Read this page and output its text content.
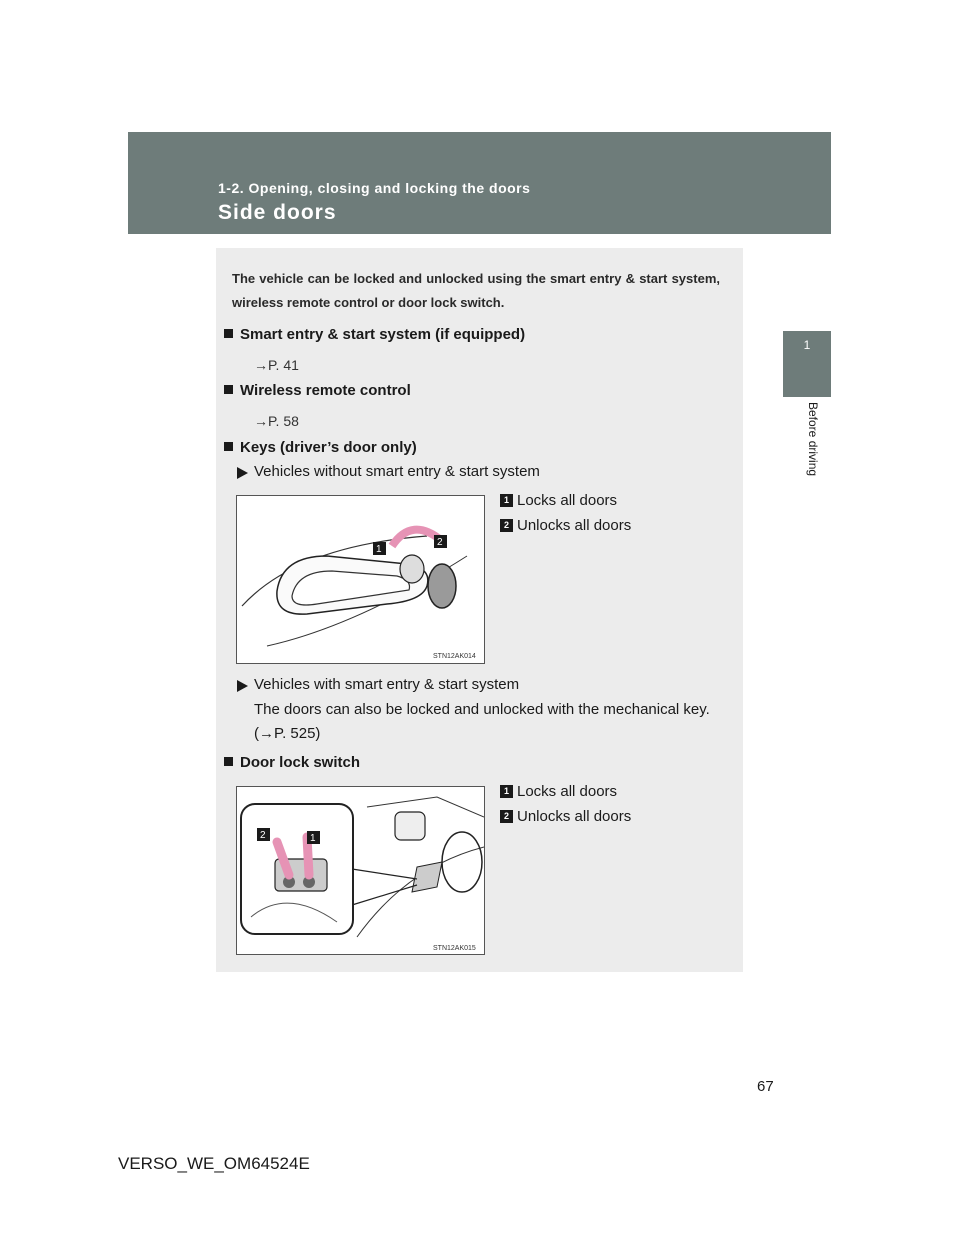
1-2. Opening, closing and locking the doors
Side doors
1
Before driving
The vehicle can be locked and unlocked using the smart entry & start system, wireless remote control or door lock switch.
Smart entry & start system (if equipped)
→P. 41
Wireless remote control
→P. 58
Keys (driver’s door only)
Vehicles without smart entry & start system
1 Locks all doors
2 Unlocks all doors
1
2
STN12AK014
Vehicles with smart entry & start system
The doors can also be locked and unlocked with the mechanical key. (→P. 525)
Door lock switch
1 Locks all doors
2 Unlocks all doors
2	1
STN12AK015
67
VERSO_WE_OM64524E
